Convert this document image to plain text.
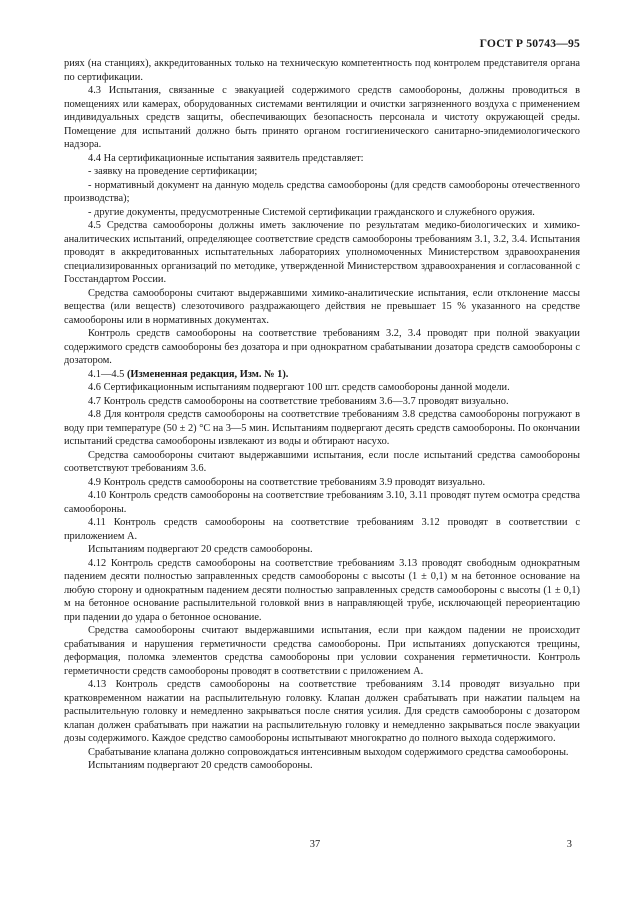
ГОСТ Р 50743—95

риях (на станциях), аккредитованных только на техническую компетентность под контролем представителя органа по сертификации.

4.3 Испытания, связанные с эвакуацией содержимого средств самообороны, должны проводиться в помещениях или камерах, оборудованных системами вентиляции и очистки загрязненного воздуха с применением индивидуальных средств защиты, обеспечивающих безопасность персонала и чистоту окружающей среды. Помещение для испытаний должно быть принято органом госгигиенического санитарно-эпидемиологического надзора.

4.4 На сертификационные испытания заявитель представляет:

- заявку на проведение сертификации;

- нормативный документ на данную модель средства самообороны (для средств самообороны отечественного производства);

- другие документы, предусмотренные Системой сертификации гражданского и служебного оружия.

4.5 Средства самообороны должны иметь заключение по результатам медико-биологических и химико-аналитических испытаний, определяющее соответствие средств самообороны требованиям 3.1, 3.2, 3.4. Испытания проводят в аккредитованных испытательных лабораториях уполномоченных Министерством здравоохранения специализированных организаций по методике, утвержденной Министерством здравоохранения и согласованной с Госстандартом России.

Средства самообороны считают выдержавшими химико-аналитические испытания, если отклонение массы вещества (или веществ) слезоточивого раздражающего действия не превышает 15 % указанного на средстве самообороны или в нормативных документах.

Контроль средств самообороны на соответствие требованиям 3.2, 3.4 проводят при полной эвакуации содержимого средств самообороны без дозатора и при однократном срабатывании дозатора средств самообороны с дозатором.

4.1—4.5 (Измененная редакция, Изм. № 1).

4.6 Сертификационным испытаниям подвергают 100 шт. средств самообороны данной модели.

4.7 Контроль средств самообороны на соответствие требованиям 3.6—3.7 проводят визуально.

4.8 Для контроля средств самообороны на соответствие требованиям 3.8 средства самообороны погружают в воду при температуре (50 ± 2) °С на 3—5 мин. Испытаниям подвергают десять средств самообороны. По окончании испытаний средства самообороны извлекают из воды и обтирают насухо.

Средства самообороны считают выдержавшими испытания, если после испытаний средства самообороны соответствуют требованиям 3.6.

4.9 Контроль средств самообороны на соответствие требованиям 3.9 проводят визуально.

4.10 Контроль средств самообороны на соответствие требованиям 3.10, 3.11 проводят путем осмотра средства самообороны.

4.11 Контроль средств самообороны на соответствие требованиям 3.12 проводят в соответствии с приложением А.

Испытаниям подвергают 20 средств самообороны.

4.12 Контроль средств самообороны на соответствие требованиям 3.13 проводят свободным однократным падением десяти полностью заправленных средств самообороны с высоты (1 ± 0,1) м на бетонное основание на любую сторону и однократным падением десяти полностью заправленных средств самообороны с высоты (1 ± 0,1) м на бетонное основание распылительной головкой вниз в направляющей трубе, исключающей переориентацию при падении до удара о бетонное основание.

Средства самообороны считают выдержавшими испытания, если при каждом падении не происходит срабатывания и нарушения герметичности средства самообороны. При испытаниях допускаются трещины, деформация, поломка элементов средства самообороны при условии сохранения герметичности. Контроль герметичности средств самообороны проводят в соответствии с приложением А.

4.13 Контроль средств самообороны на соответствие требованиям 3.14 проводят визуально при кратковременном нажатии на распылительную головку. Клапан должен срабатывать при нажатии пальцем на распылительную головку и немедленно закрываться после снятия усилия. Для средств самообороны с дозатором клапан должен срабатывать при нажатии на распылительную головку и немедленно закрываться после эвакуации дозы содержимого. Каждое средство самообороны испытывают многократно до полного выхода содержимого.

Срабатывание клапана должно сопровождаться интенсивным выходом содержимого средства самообороны.

Испытаниям подвергают 20 средств самообороны.

37	3
